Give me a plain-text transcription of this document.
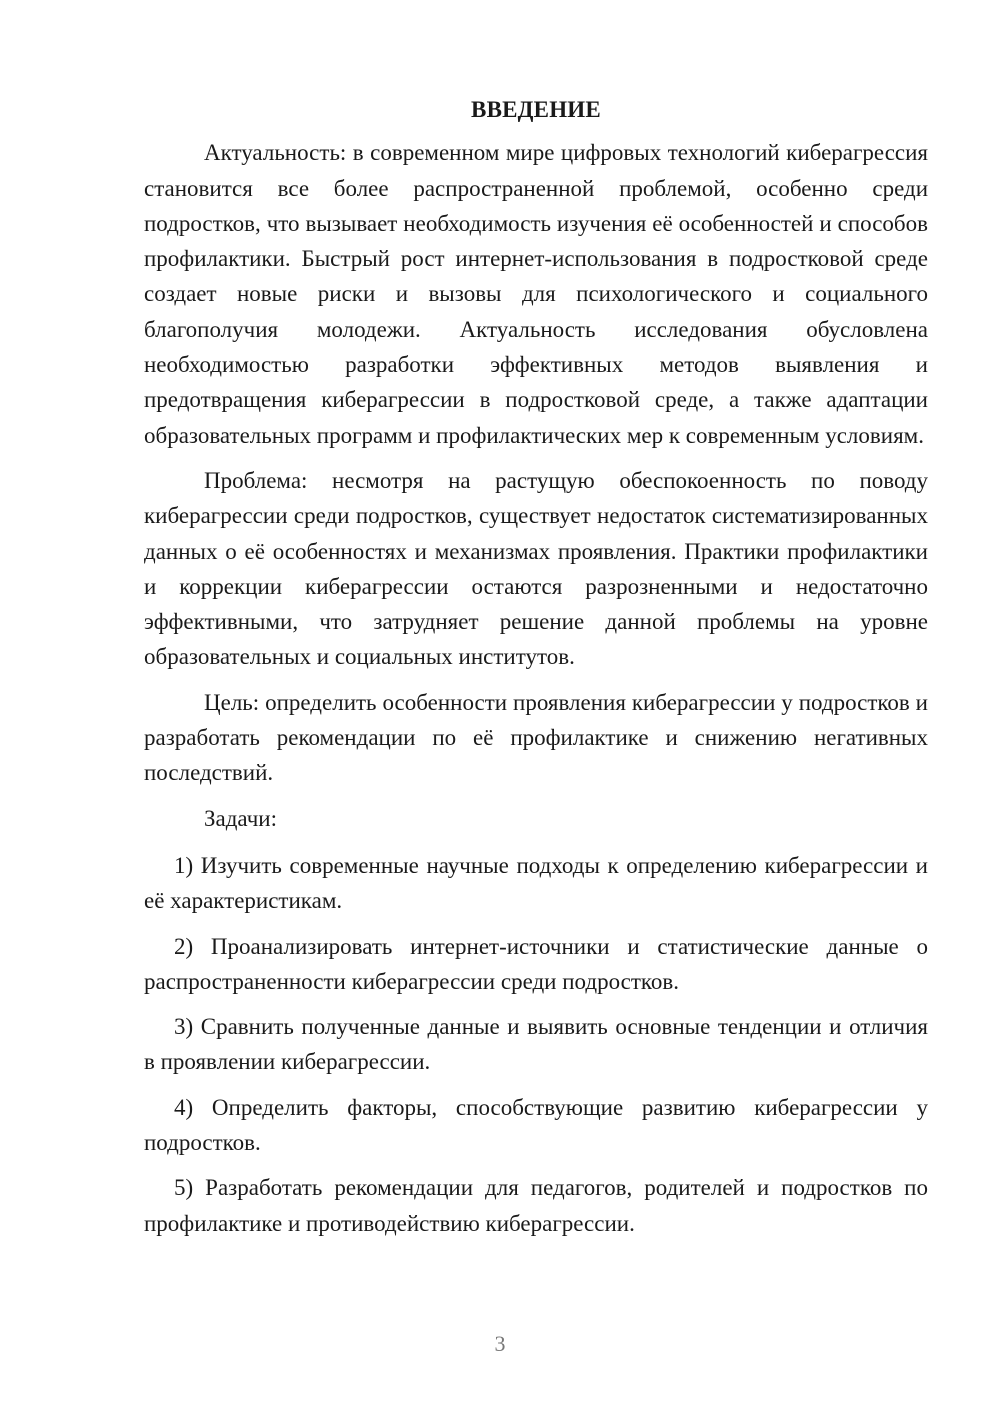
ВВЕДЕНИЕ

Актуальность: в современном мире цифровых технологий киберагрессия становится все более распространенной проблемой, особенно среди подростков, что вызывает необходимость изучения её особенностей и способов профилактики. Быстрый рост интернет-использования в подростковой среде создает новые риски и вызовы для психологического и социального благополучия молодежи. Актуальность исследования обусловлена необходимостью разработки эффективных методов выявления и предотвращения киберагрессии в подростковой среде, а также адаптации образовательных программ и профилактических мер к современным условиям.

Проблема: несмотря на растущую обеспокоенность по поводу киберагрессии среди подростков, существует недостаток систематизированных данных о её особенностях и механизмах проявления. Практики профилактики и коррекции киберагрессии остаются разрозненными и недостаточно эффективными, что затрудняет решение данной проблемы на уровне образовательных и социальных институтов.

Цель: определить особенности проявления киберагрессии у подростков и разработать рекомендации по её профилактике и снижению негативных последствий.

Задачи:

1) Изучить современные научные подходы к определению киберагрессии и её характеристикам.

2) Проанализировать интернет-источники и статистические данные о распространенности киберагрессии среди подростков.

3) Сравнить полученные данные и выявить основные тенденции и отличия в проявлении киберагрессии.

4) Определить факторы, способствующие развитию киберагрессии у подростков.

5) Разработать рекомендации для педагогов, родителей и подростков по профилактике и противодействию киберагрессии.

3
